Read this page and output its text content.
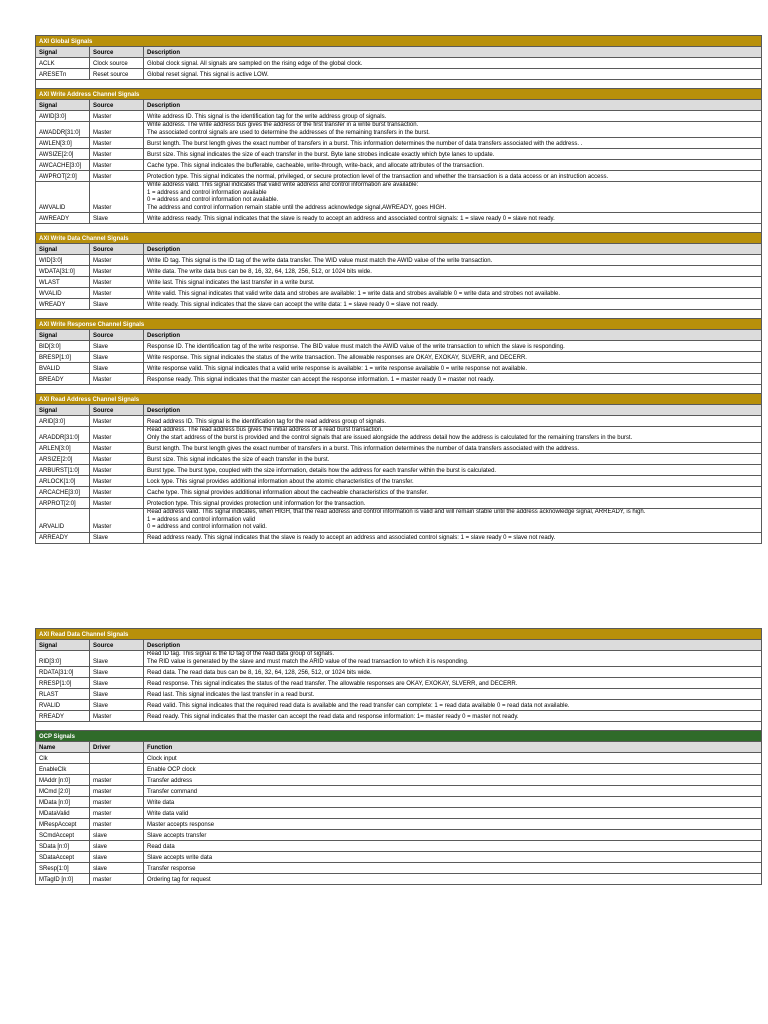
AXI Global Signals		
Signal	Source	Description
ACLK	Clock source	Global clock signal. All signals are sampled on the rising edge of the global clock.
ARESETn	Reset source	Global reset signal. This signal is active LOW.

AXI Write Address Channel Signals		
Signal	Source	Description
AWID[3:0]	Master	Write address ID. This signal is the identification tag for the write address group of signals.
AWADDR[31:0]	Master	Write address. The write address bus gives the address of the first transfer in a write burst transaction.
The associated control signals are used to determine the addresses of the remaining transfers in the burst.
AWLEN[3:0]	Master	Burst length. The burst length gives the exact number of transfers in a burst. This information determines the number of data transfers associated with the address. .
AWSIZE[2:0]	Master	Burst size. This signal indicates the size of each transfer in the burst. Byte lane strobes indicate exactly which byte lanes to update.
AWCACHE[3:0]	Master	Cache type. This signal indicates the bufferable, cacheable, write-through, write-back, and allocate attributes of the transaction.
AWPROT[2:0]	Master	Protection type. This signal indicates the normal, privileged, or secure protection level of the transaction and whether the transaction is a data access or an instruction access.
AWVALID	Master	Write address valid. This signal indicates that valid write address and control information are available:
1 = address and control information available
0 = address and control information not available.
The address and control information remain stable until the address acknowledge signal,AWREADY, goes HIGH.
AWREADY	Slave	Write address ready. This signal indicates that the slave is ready to accept an address and associated control signals: 1 = slave ready 0 = slave not ready.

AXI Write Data Channel Signals		
Signal	Source	Description
WID[3:0]	Master	Write ID tag. This signal is the ID tag of the write data transfer. The WID value must match the AWID value of the write transaction.
WDATA[31:0]	Master	Write data. The write data bus can be 8, 16, 32, 64, 128, 256, 512, or 1024 bits wide.
WLAST	Master	Write last. This signal indicates the last transfer in a write burst.
WVALID	Master	Write valid. This signal indicates that valid write data and strobes are available: 1 = write data and strobes available 0 = write data and strobes not available.
WREADY	Slave	Write ready. This signal indicates that the slave can accept the write data: 1 = slave ready 0 = slave not ready.

AXI Write Response Channel Signals		
Signal	Source	Description
BID[3:0]	Slave	Response ID. The identification tag of the write response. The BID value must match the AWID value of the write transaction to which the slave is responding.
BRESP[1:0]	Slave	Write response. This signal indicates the status of the write transaction. The allowable responses are OKAY, EXOKAY, SLVERR, and DECERR.
BVALID	Slave	Write response valid. This signal indicates that a valid write response is available: 1 = write response available 0 = write response not available.
BREADY	Master	Response ready. This signal indicates that the master can accept the response information. 1 = master ready 0 = master not ready.

AXI Read Address Channel Signals		
Signal	Source	Description
ARID[3:0]	Master	Read address ID. This signal is the identification tag for the read address group of signals.
ARADDR[31:0]	Master	Read address. The read address bus gives the initial address of a read burst transaction.
Only the start address of the burst is provided and the control signals that are issued alongside the address detail how the address is calculated for the remaining transfers in the burst.
ARLEN[3:0]	Master	Burst length. The burst length gives the exact number of transfers in a burst. This information determines the number of data transfers associated with the address.
ARSIZE[2:0]	Master	Burst size. This signal indicates the size of each transfer in the burst.
ARBURST[1:0]	Master	Burst type. The burst type, coupled with the size information, details how the address for each transfer within the burst is calculated.
ARLOCK[1:0]	Master	Lock type. This signal provides additional information about the atomic characteristics of the transfer.
ARCACHE[3:0]	Master	Cache type. This signal provides additional information about the cacheable characteristics of the transfer.
ARPROT[2:0]	Master	Protection type. This signal provides protection unit information for the transaction.
ARVALID	Master	Read address valid. This signal indicates, when HIGH, that the read address and control information is valid and will remain stable until the address acknowledge signal, ARREADY, is high.
1 = address and control information valid
0 = address and control information not valid.
ARREADY	Slave	Read address ready. This signal indicates that the slave is ready to accept an address and associated control signals: 1 = slave ready 0 = slave not ready.
AXI Read Data Channel Signals		
Signal	Source	Description
RID[3:0]	Slave	Read ID tag. This signal is the ID tag of the read data group of signals.
The RID value is generated by the slave and must match the ARID value of the read transaction to which it is responding.
RDATA[31:0]	Slave	Read data. The read data bus can be 8, 16, 32, 64, 128, 256, 512, or 1024 bits wide.
RRESP[1:0]	Slave	Read response. This signal indicates the status of the read transfer. The allowable responses are OKAY, EXOKAY, SLVERR, and DECERR.
RLAST	Slave	Read last. This signal indicates the last transfer in a read burst.
RVALID	Slave	Read valid. This signal indicates that the required read data is available and the read transfer can complete: 1 = read data available 0 = read data not available.
RREADY	Master	Read ready. This signal indicates that the master can accept the read data and response information: 1= master ready 0 = master not ready.

OCP Signals		
Name	Driver	Function
Clk		Clock input
EnableClk		Enable OCP clock
MAddr [n:0]	master	Transfer address
MCmd [2:0]	master	Transfer command
MData [n:0]	master	Write data
MDataValid	master	Write data valid
MRespAccept	master	Master accepts response
SCmdAccept	slave	Slave accepts transfer
SData [n:0]	slave	Read data
SDataAccept	slave	Slave accepts write data
SResp[1:0]	slave	Transfer response
MTagID [n:0]	master	Ordering tag for request
